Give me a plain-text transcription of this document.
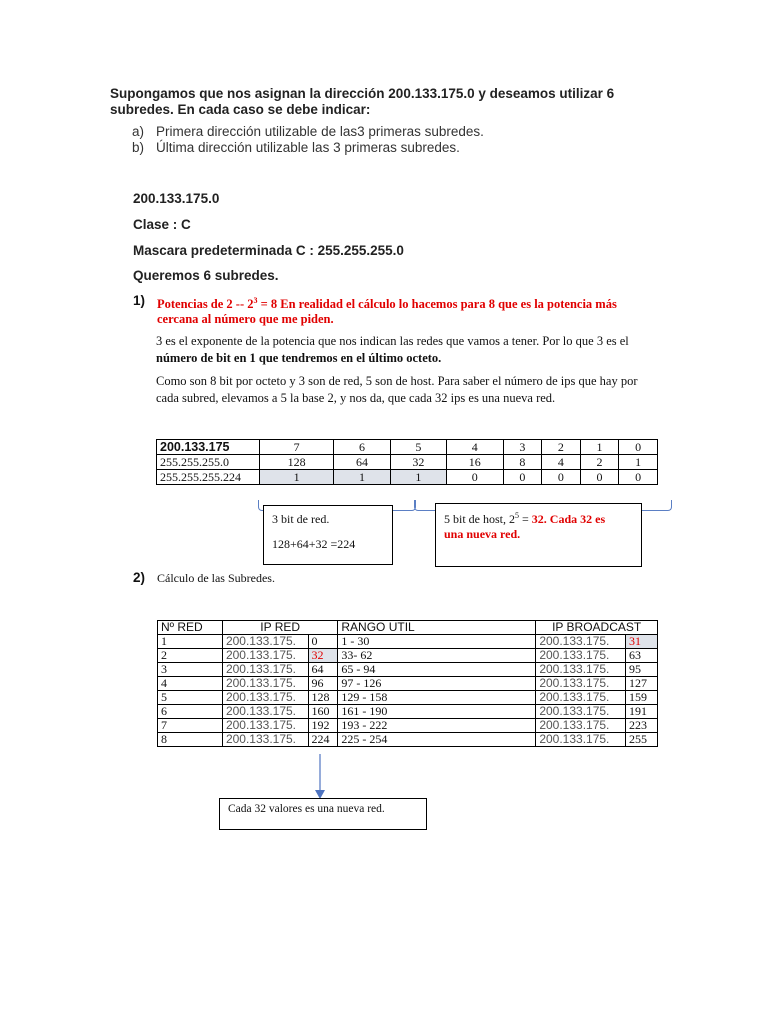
Supongamos que nos asignan la dirección 200.133.175.0 y deseamos utilizar 6
subredes. En cada caso se debe indicar:
a) Primera dirección utilizable de las3 primeras subredes.
b) Última dirección utilizable las 3 primeras subredes.
200.133.175.0
Clase : C
Mascara predeterminada C : 255.255.255.0
Queremos 6 subredes.
1) Potencias de $2 -- 2^3 = 8$ En realidad el cálculo lo hacemos para 8 que es la potencia más
cercana al número que me piden.
3 es el exponente de la potencia que nos indican las redes que vamos a tener. Por lo que 3 es el
número de bit en 1 que tendremos en el último octeto.
Como son 8 bit por octeto y 3 son de red, 5 son de host. Para saber el número de ips que hay por
cada subred, elevamos a 5 la base 2, y nos da, que cada 32 ips es una nueva red.
200.133.175	7	6	5	4	3	2	1	0
255.255.255.0	128	64	32	16	8	4	2	1
255.255.255.224	1	1	1	0	0	0	0	0
3 bit de red.
128+64+32 =224
5 bit de host, $2^5 = 32$. Cada 32 es
una nueva red.
2) Cálculo de las Subredes.
Nº RED	IP RED		RANGO UTIL	IP BROADCAST	
1	200.133.175.	0	1 - 30	200.133.175.	31
2	200.133.175.	32	33- 62	200.133.175.	63
3	200.133.175.	64	65 - 94	200.133.175.	95
4	200.133.175.	96	97 - 126	200.133.175.	127
5	200.133.175.	128	129 - 158	200.133.175.	159
6	200.133.175.	160	161 - 190	200.133.175.	191
7	200.133.175.	192	193 - 222	200.133.175.	223
8	200.133.175.	224	225 - 254	200.133.175.	255
Cada 32 valores es una nueva red.
